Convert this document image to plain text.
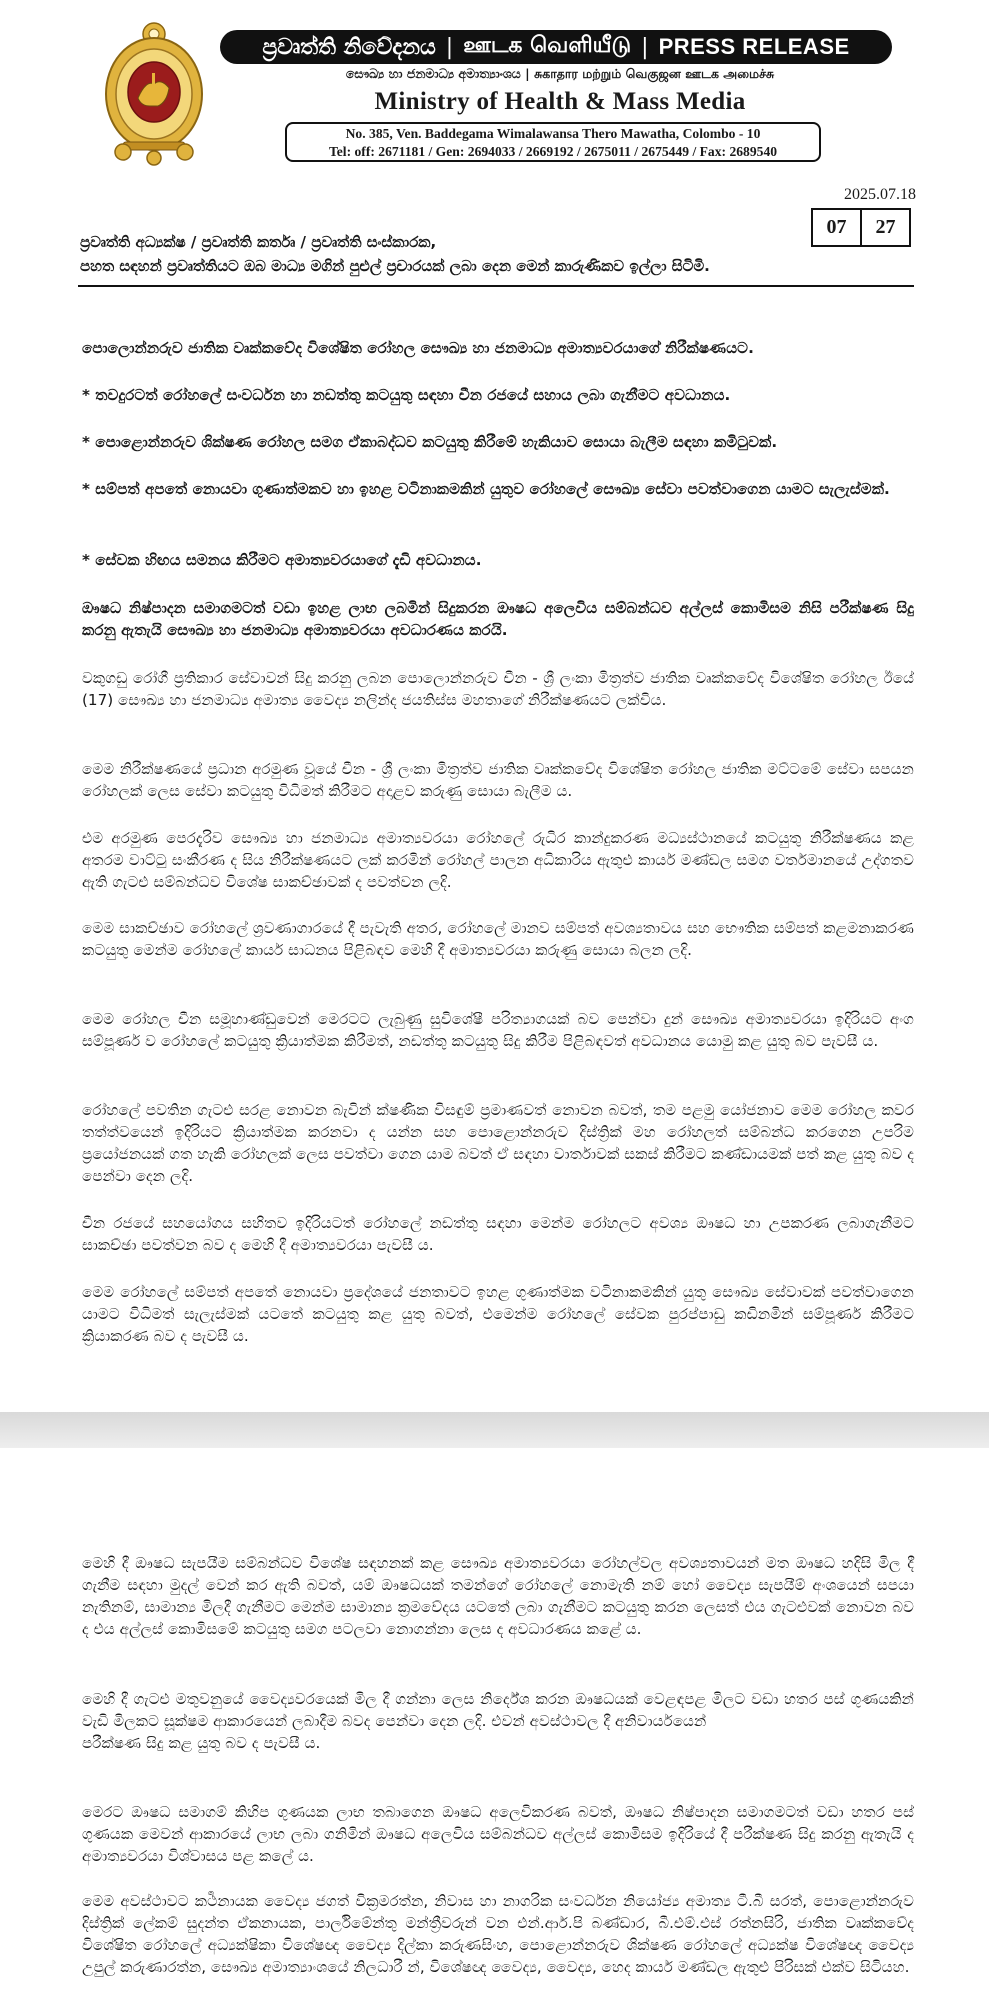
ප්‍රවෘත්ති නිවේදනය | ஊடக வெளியீடு | PRESS RELEASE
සෞඛ්‍ය හා ජනමාධ්‍ය අමාත්‍යාංශය | சுகாதார மற்றும் வெகுஜன ஊடக அமைச்சு
Ministry of Health & Mass Media
No. 385, Ven. Baddegama Wimalawansa Thero Mawatha, Colombo - 10
Tel: off: 2671181 / Gen: 2694033 / 2669192 / 2675011 / 2675449 / Fax: 2689540
2025.07.18
07	27
ප්‍රවෘත්ති අධ්‍යක්ෂ / ප්‍රවෘත්ති කර්තෘ / ප්‍රවෘත්ති සංස්කාරක,
පහත සඳහන් ප්‍රවෘත්තියට ඔබ මාධ්‍ය මගින් පුළුල් ප්‍රචාරයක් ලබා දෙන මෙන් කාරුණිකව ඉල්ලා සිටිමි.

පොලොන්නරුව ජාතික වෘක්කවේද විශේෂිත රෝහල සෞඛ්‍ය හා ජනමාධ්‍ය අමාත්‍යවරයාගේ නිරීක්ෂණයට.

* තවදුරටත් රෝහලේ සංවර්ධන හා නඩත්තු කටයුතු සඳහා චීන රජයේ සහාය ලබා ගැනීමට අවධානය.

* පොළොන්නරුව ශික්ෂණ රෝහල සමග ඒකාබද්ධව කටයුතු කිරීමේ හැකියාව සොයා බැලීම සඳහා කමිටුවක්.

* සම්පත් අපතේ නොයවා ගුණාත්මකව හා ඉහළ වටිනාකමකින් යුතුව රෝහලේ සෞඛ්‍ය සේවා පවත්වාගෙන යාමට සැලැස්මක්.

* සේවක හිඟය සමනය කිරීමට අමාත්‍යවරයාගේ දැඩි අවධානය.

ඖෂධ නිෂ්පාදන සමාගමටත් වඩා ඉහළ ලාභ ලබමින් සිදුකරන ඖෂධ අලෙවිය සම්බන්ධව අල්ලස් කොමිසම නිසි පරීක්ෂණ සිදු කරනු ඇතැයි සෞඛ්‍ය හා ජනමාධ්‍ය අමාත්‍යවරයා අවධාරණය කරයි.

වකුගඩු රෝගී ප්‍රතිකාර සේවාවන් සිදු කරනු ලබන පොලොන්නරුව චීන - ශ්‍රී ලංකා මිත්‍රත්ව ජාතික වෘක්කවේද විශේෂිත රෝහල ඊයේ (17) සෞඛ්‍ය හා ජනමාධ්‍ය අමාත්‍ය වෛද්‍ය නලින්ද ජයතිස්ස මහතාගේ නිරීක්ෂණයට ලක්විය.

මෙම නිරීක්ෂණයේ ප්‍රධාන අරමුණ වූයේ චීන - ශ්‍රී ලංකා මිත්‍රත්ව ජාතික වෘක්කවේද විශේෂිත රෝහල ජාතික මට්ටමේ සේවා සපයන රෝහලක් ලෙස සේවා කටයුතු විධිමත් කිරීමට අදාළව කරුණු සොයා බැලීම ය.

එම අරමුණ පෙරදැරිව සෞඛ්‍ය හා ජනමාධ්‍ය අමාත්‍යවරයා රෝහලේ රුධිර කාන්දුකරණ මධ්‍යස්ථානයේ කටයුතු නිරීක්ෂණය කළ අතරම වාට්ටු සංකීරණ ද සිය නිරීක්ෂණයට ලක් කරමින් රෝහල් පාලන අධිකාරිය ඇතුළු කාර්ය මණ්ඩල සමග වර්තමානයේ උද්ගතව ඇති ගැටළු සම්බන්ධව විශේෂ සාකච්ඡාවක් ද පවත්වන ලදි.

මෙම සාකච්ඡාව රෝහලේ ශ්‍රවණාගාරයේ දී පැවැති අතර, රෝහලේ මානව සම්පත් අවශ්‍යතාවය සහ භෞතික සම්පත් කළමනාකරණ කටයුතු මෙන්ම රෝහලේ කාර්ය සාධනය පිළිබඳව මෙහි දී අමාත්‍යවරයා කරුණු සොයා බලන ලදි.

මෙම රෝහල චීන සමූහාණ්ඩුවෙන් මෙරටට ලැබුණු සුවිශේෂී පරිත්‍යාගයක් බව පෙන්වා දුන් සෞඛ්‍ය අමාත්‍යවරයා ඉදිරියට අංග සම්පූර්ණ ව රෝහලේ කටයුතු ක්‍රියාත්මක කිරීමත්, නඩත්තු කටයුතු සිදු කිරීම පිළිබඳවත් අවධානය යොමු කළ යුතු බව පැවසී ය.

රෝහලේ පවතින ගැටළු සරළ නොවන බැවින් ක්ෂණික විසඳුම් ප්‍රමාණවත් නොවන බවත්, තම පළමු යෝජනාව මෙම රෝහල කවර තත්ත්වයෙන් ඉදිරියට ක්‍රියාත්මක කරනවා ද යන්න සහ පොළොන්නරුව දිස්ත්‍රික් මහ රෝහලත් සම්බන්ධ කරගෙන උපරිම ප්‍රයෝජනයක් ගත හැකි රෝහලක් ලෙස පවත්වා ගෙන යාම බවත් ඒ සඳහා වාර්තාවක් සකස් කිරීමට කණ්ඩායමක් පත් කළ යුතු බව ද පෙන්වා දෙන ලදි.

චීන රජයේ සහයෝගය සහිතව ඉදිරියටත් රෝහලේ නඩත්තු සඳහා මෙන්ම රෝහලට අවශ්‍ය ඖෂධ හා උපකරණ ලබාගැනීමට සාකච්ඡා පවත්වන බව ද මෙහි දී අමාත්‍යවරයා පැවසී ය.

මෙම රෝහලේ සම්පත් අපතේ නොයවා ප්‍රදේශයේ ජනතාවට ඉහළ ගුණාත්මක වටිනාකමකින් යුතු සෞඛ්‍ය සේවාවක් පවත්වාගෙන යාමට විධිමත් සැලැස්මක් යටතේ කටයුතු කළ යුතු බවත්, එමෙන්ම රෝහලේ සේවක පුරප්පාඩු කඩිනමින් සම්පූර්ණ කිරීමට ක්‍රියාකරණ බව ද පැවසී ය.

මෙහි දී ඖෂධ සැපයීම සම්බන්ධව විශේෂ සඳහනක් කළ සෞඛ්‍ය අමාත්‍යවරයා රෝහල්වල අවශ්‍යතාවයන් මත ඖෂධ හදිසි මිල දී ගැනීම සඳහා මුදල් වෙන් කර ඇති බවත්, යම් ඖෂධයක් තමන්ගේ රෝහලේ නොමැති නම් හෝ වෛද්‍ය සැපයීම් අංශයෙන් සපයා නැතිනම්, සාමාන්‍ය මිලදී ගැනීමට මෙන්ම සාමාන්‍ය ක්‍රමවේදය යටතේ ලබා ගැනීමට කටයුතු කරන ලෙසත් එය ගැටළුවක් නොවන බව ද එය අල්ලස් කොමිසමේ කටයුතු සමග පටලවා නොගන්නා ලෙස ද අවධාරණය කළේ ය.

මෙහි දී ගැටළු මතුවනුයේ වෛද්‍යවරයෙක් මිල දී ගන්නා ලෙස නිර්දේශ කරන ඖෂධයක් වෙළඳපළ මිලට වඩා හතර පස් ගුණයකින් වැඩි මිලකට සූක්ෂම ආකාරයෙන් ලබාදීම බවද පෙන්වා දෙන ලදි. එවන් අවස්ථාවල දී අනිවාර්යයෙන්
පරීක්ෂණ සිදු කළ යුතු බව ද පැවසී ය.

මෙරට ඖෂධ සමාගම් කිහිප ගුණයක ලාභ තබාගෙන ඖෂධ අලෙවිකරණ බවත්, ඖෂධ නිෂ්පාදන සමාගමටත් වඩා හතර පස් ගුණයක මෙවන් ආකාරයේ ලාභ ලබා ගනිමින් ඖෂධ අලෙවිය සම්බන්ධව අල්ලස් කොමිසම ඉදිරියේ දී පරීක්ෂණ සිදු කරනු ඇතැයි ද අමාත්‍යවරයා විශ්වාසය පළ කලේ ය.

මෙම අවස්ථාවට කර්‍ථනායක වෛද්‍ය ජගත් වික්‍රමරත්න, නිවාස හා නාගරික සංවර්ධන නියෝජ්‍ය අමාත්‍ය ටී.බී සරත්, පොළොන්නරුව දිස්ත්‍රික් ලේකම් සුදන්ත ඒකනායක, පාර්ලිමේන්තු මන්ත්‍රීවරුන් වන එන්.ආර්.පි බණ්ඩාර, බී.එම්.එස් රත්නසිරි, ජාතික වෘක්කවේද විශේෂිත රෝහලේ අධ්‍යක්ෂිකා විශේෂඥ වෛද්‍ය දිල්කා කරුණසිංහ, පොළොන්නරුව ශික්ෂණ රෝහලේ අධ්‍යක්ෂ විශේෂඥ වෛද්‍ය උපුල් කරුණාරත්න, සෞඛ්‍ය අමාත්‍යාංශයේ නිලධාරී න්, විශේෂඥ වෛද්‍ය, වෛද්‍ය, හෙද කාර්ය මණ්ඩල ඇතුළු පිරිසක් එක්ව සිටියහ.
